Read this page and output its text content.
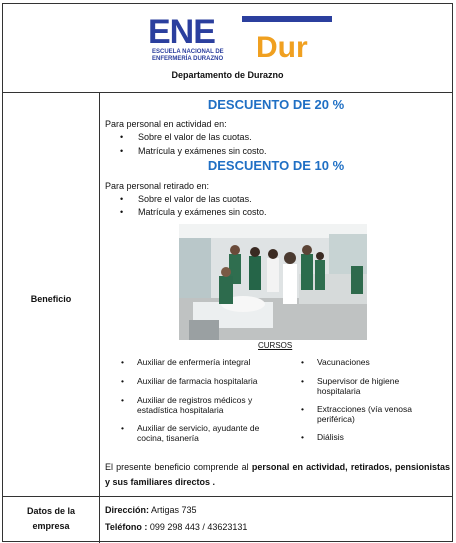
ENE Dur
ESCUELA NACIONAL DE
ENFERMERÍA DURAZNO
Departamento de Durazno
Beneficio
DESCUENTO DE 20 %
Para personal en actividad en:
• Sobre el valor de las cuotas.
• Matrícula y exámenes sin costo.
DESCUENTO DE 10 %
Para personal retirado en:
• Sobre el valor de las cuotas.
• Matrícula y exámenes sin costo.
CURSOS
• Auxiliar de enfermería integral
• Auxiliar de farmacia hospitalaria
• Auxiliar de registros médicos y estadística hospitalaria
• Auxiliar de servicio, ayudante de cocina, tisanería
• Vacunaciones
• Supervisor de higiene hospitalaria
• Extracciones (vía venosa periférica)
• Diálisis
El presente beneficio comprende al personal en actividad, retirados, pensionistas y sus familiares directos .
Datos de la empresa
Dirección: Artigas 735
Teléfono : 099 298 443 / 43623131
